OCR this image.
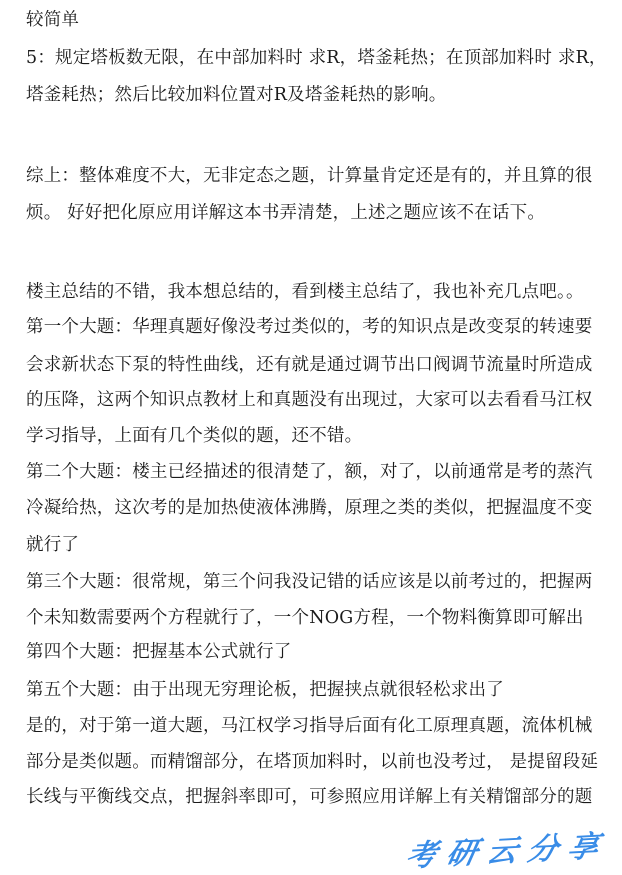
较简单
5：规定塔板数无限，在中部加料时 求R，塔釜耗热；在顶部加料时 求R，
塔釜耗热；然后比较加料位置对R及塔釜耗热的影响。
综上：整体难度不大，无非定态之题，计算量肯定还是有的，并且算的很
烦。 好好把化原应用详解这本书弄清楚，上述之题应该不在话下。
楼主总结的不错，我本想总结的，看到楼主总结了，我也补充几点吧。。
第一个大题：华理真题好像没考过类似的，考的知识点是改变泵的转速要
会求新状态下泵的特性曲线，还有就是通过调节出口阀调节流量时所造成
的压降，这两个知识点教材上和真题没有出现过，大家可以去看看马江权
学习指导，上面有几个类似的题，还不错。
第二个大题：楼主已经描述的很清楚了，额，对了，以前通常是考的蒸汽
冷凝给热，这次考的是加热使液体沸腾，原理之类的类似，把握温度不变
就行了
第三个大题：很常规，第三个问我没记错的话应该是以前考过的，把握两
个未知数需要两个方程就行了，一个NOG方程，一个物料衡算即可解出
第四个大题：把握基本公式就行了
第五个大题：由于出现无穷理论板，把握挟点就很轻松求出了
是的，对于第一道大题，马江权学习指导后面有化工原理真题，流体机械
部分是类似题。而精馏部分，在塔顶加料时，以前也没考过， 是提留段延
长线与平衡线交点，把握斜率即可，可参照应用详解上有关精馏部分的题
考研云分享
